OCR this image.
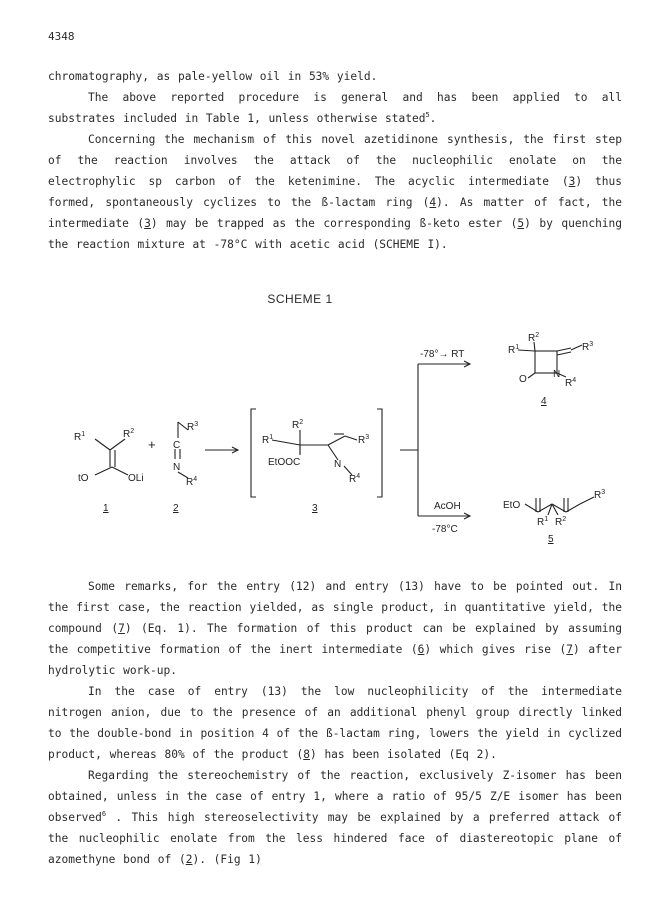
4348
chromatography, as pale-yellow oil in 53% yield.
The above reported procedure is general and has been applied to all substrates included in Table 1, unless otherwise stated$^5$.
Concerning the mechanism of this novel azetidinone synthesis, the first step of the reaction involves the attack of the nucleophilic enolate on the electrophylic sp carbon of the ketenimine. The acyclic intermediate (3) thus formed, spontaneously cyclizes to the ß-lactam ring (4). As matter of fact, the intermediate (3) may be trapped as the corresponding ß-keto ester (5) by quenching the reaction mixture at -78°C with acetic acid (SCHEME I).
SCHEME 1
$R^1$	$R^2$
tO	OLi
1
+
$R^3$
C
N
$R^4$
2
$R^2$
$R^1$	$R^3$
EtOOC	N
$R^4$
3
-78°→ RT
AcOH
-78°C
$R^2$
$R^1$	$R^3$
N
O	$R^4$
4
EtO
$R^3$
$R^1$ $R^2$
5
Some remarks, for the entry (12) and entry (13) have to be pointed out. In the first case, the reaction yielded, as single product, in quantitative yield, the compound (7) (Eq. 1). The formation of this product can be explained by assuming the competitive formation of the inert intermediate (6) which gives rise (7) after hydrolytic work-up.
In the case of entry (13) the low nucleophilicity of the intermediate nitrogen anion, due to the presence of an additional phenyl group directly linked to the double-bond in position 4 of the ß-lactam ring, lowers the yield in cyclized product, whereas 80% of the product (8) has been isolated (Eq 2).
Regarding the stereochemistry of the reaction, exclusively Z-isomer has been obtained, unless in the case of entry 1, where a ratio of 95/5 Z/E isomer has been observed$^6$ . This high stereoselectivity may be explained by a preferred attack of the nucleophilic enolate from the less hindered face of diastereotopic plane of azomethyne bond of (2). (Fig 1)
